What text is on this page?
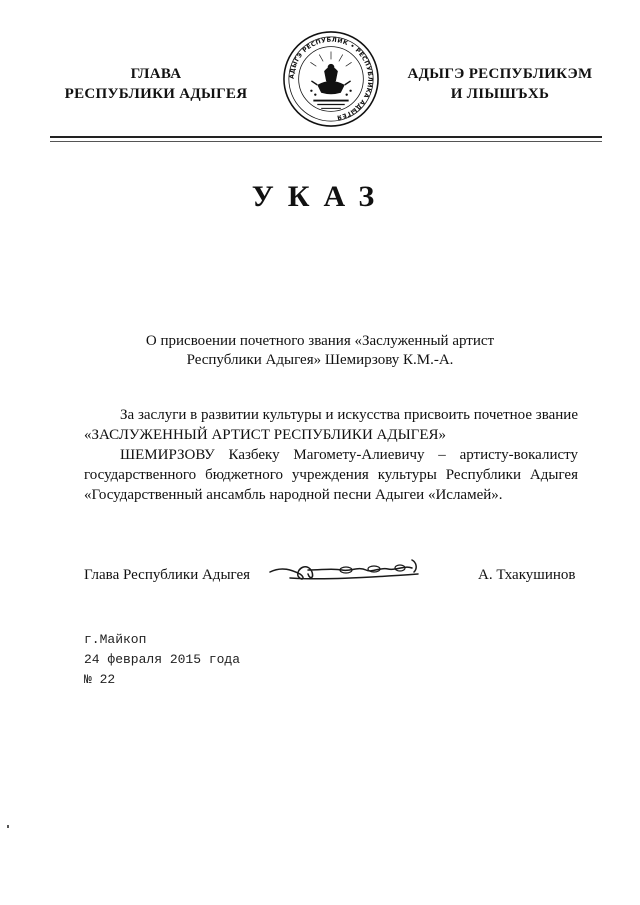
ГЛАВА
РЕСПУБЛИКИ АДЫГЕЯ
АДЫГЭ РЕСПУБЛИК • РЕСПУБЛИКА АДЫГЕЯ
АДЫГЭ РЕСПУБЛИКЭМ
И ЛІЫШЪХЬ
УКАЗ
О присвоении почетного звания «Заслуженный артист
Республики Адыгея» Шемирзову К.М.-А.

За заслуги в развитии культуры и искусства присвоить почетное звание «ЗАСЛУЖЕННЫЙ АРТИСТ РЕСПУБЛИКИ АДЫГЕЯ»

ШЕМИРЗОВУ Казбеку Магомету-Алиевичу – артисту-вокалисту государственного бюджетного учреждения культуры Республики Адыгея «Государственный ансамбль народной песни Адыгеи «Исламей».

Глава Республики Адыгея	А. Тхакушинов
г.Майкоп
24 февраля 2015 года
№ 22
